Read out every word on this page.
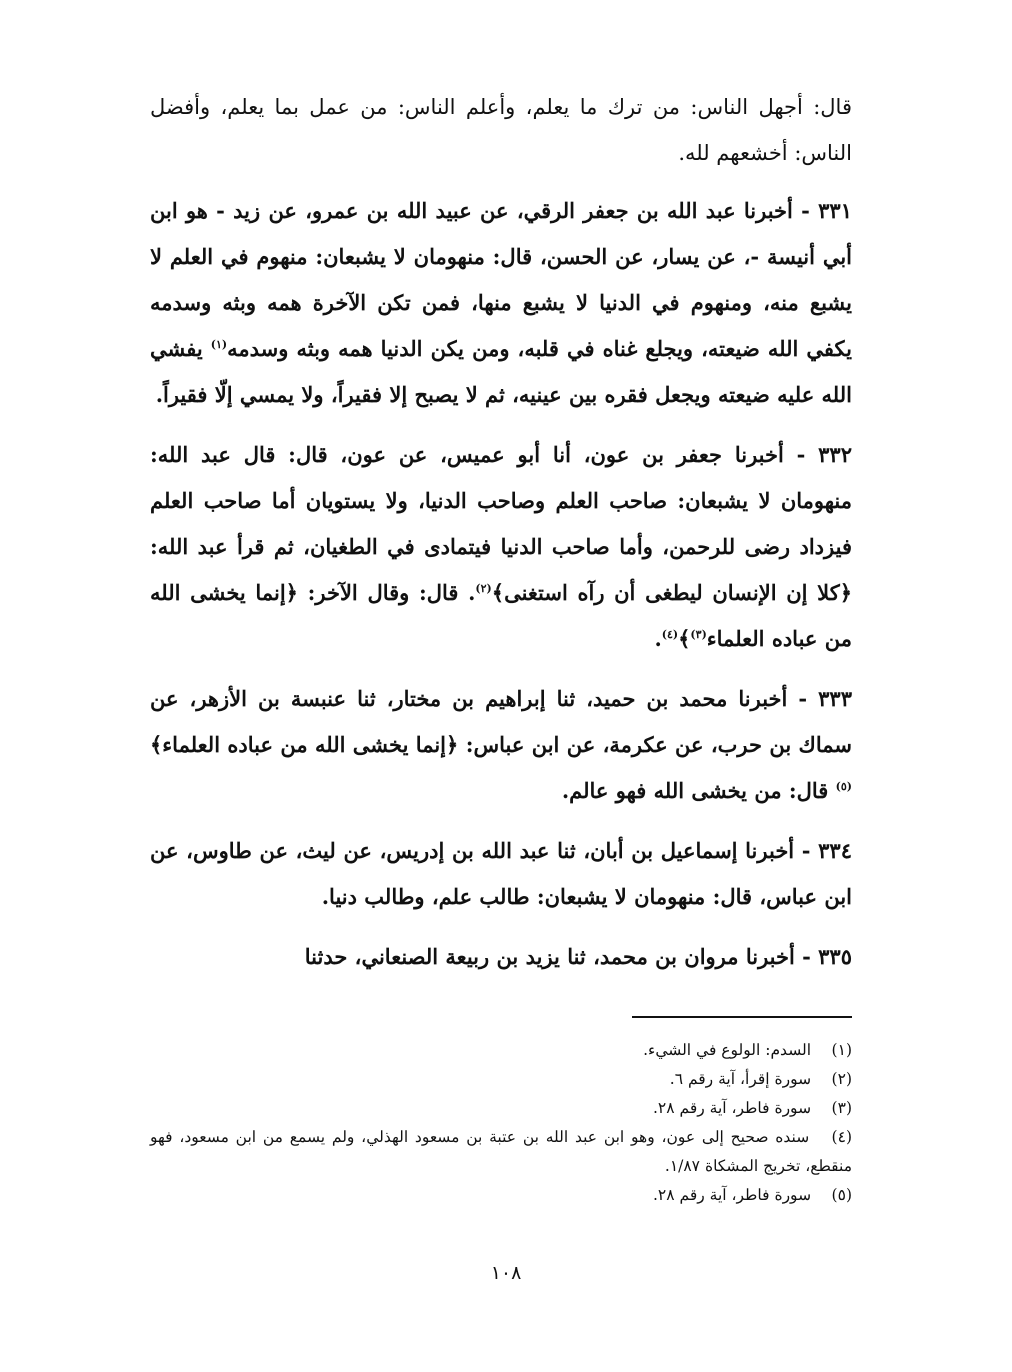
قال: أجهل الناس: من ترك ما يعلم، وأعلم الناس: من عمل بما يعلم، وأفضل الناس: أخشعهم لله.

٣٣١ - أخبرنا عبد الله بن جعفر الرقي، عن عبيد الله بن عمرو، عن زيد - هو ابن أبي أنيسة -، عن يسار، عن الحسن، قال: منهومان لا يشبعان: منهوم في العلم لا يشبع منه، ومنهوم في الدنيا لا يشبع منها، فمن تكن الآخرة همه وبثه وسدمه يكفي الله ضيعته، ويجلع غناه في قلبه، ومن يكن الدنيا همه وبثه وسدمه$^{(١)}$ يفشي الله عليه ضيعته ويجعل فقره بين عينيه، ثم لا يصبح إلا فقيراً، ولا يمسي إلّا فقيراً.

٣٣٢ - أخبرنا جعفر بن عون، أنا أبو عميس، عن عون، قال: قال عبد الله: منهومان لا يشبعان: صاحب العلم وصاحب الدنيا، ولا يستويان أما صاحب العلم فيزداد رضى للرحمن، وأما صاحب الدنيا فيتمادى في الطغيان، ثم قرأ عبد الله: ﴿كلا إن الإنسان ليطغى أن رآه استغنى﴾$^{(٢)}$. قال: وقال الآخر: ﴿إنما يخشى الله من عباده العلماء$^{(٣)}$﴾$^{(٤)}$.

٣٣٣ - أخبرنا محمد بن حميد، ثنا إبراهيم بن مختار، ثنا عنبسة بن الأزهر، عن سماك بن حرب، عن عكرمة، عن ابن عباس: ﴿إنما يخشى الله من عباده العلماء﴾$^{(٥)}$ قال: من يخشى الله فهو عالم.

٣٣٤ - أخبرنا إسماعيل بن أبان، ثنا عبد الله بن إدريس، عن ليث، عن طاوس، عن ابن عباس، قال: منهومان لا يشبعان: طالب علم، وطالب دنيا.

٣٣٥ - أخبرنا مروان بن محمد، ثنا يزيد بن ربيعة الصنعاني، حدثنا

(١) السدم: الولوع في الشيء.

(٢) سورة إقرأ، آية رقم ٦.

(٣) سورة فاطر، آية رقم ٢٨.

(٤) سنده صحيح إلى عون، وهو ابن عبد الله بن عتبة بن مسعود الهذلي، ولم يسمع من ابن مسعود، فهو منقطع، تخريج المشكاة ١/٨٧.

(٥) سورة فاطر، آية رقم ٢٨.

١٠٨
